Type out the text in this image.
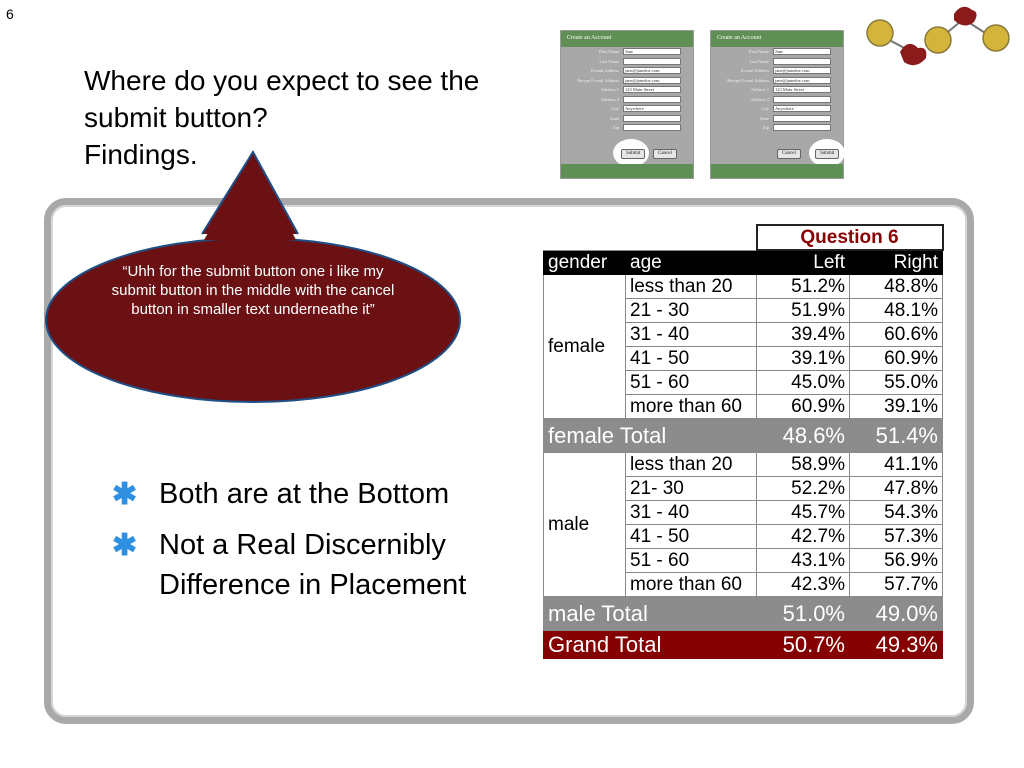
6
Where do you expect to see the
submit button?
Findings.
Create an Account
First Name	Jane
Last Name
E-mail Address	jane@janedoe.com
Retype E-mail Address	jane@janedoe.com
Address 1	123 Main Street
Address 2
City	Anywhere
State
Zip
Submit	Cancel
Create an Account
First Name	Jane
Last Name
E-mail Address	jane@janedoe.com
Retype E-mail Address	jane@janedoe.com
Address 1	123 Main Street
Address 2
City	Anywhere
State
Zip
Cancel	Submit
“Uhh for the submit button one i like my submit button in the middle with the cancel button in smaller text underneathe it”
✱ Both are at the Bottom
✱ Not a Real Discernibly Difference in Placement
		Question 6	
gender	age	Left	Right
female	less than 20	51.2%	48.8%
	21 - 30	51.9%	48.1%
	31 - 40	39.4%	60.6%
	41 - 50	39.1%	60.9%
	51 - 60	45.0%	55.0%
	more than 60	60.9%	39.1%
female Total		48.6%	51.4%
male	less than 20	58.9%	41.1%
	21- 30	52.2%	47.8%
	31 - 40	45.7%	54.3%
	41 - 50	42.7%	57.3%
	51 - 60	43.1%	56.9%
	more than 60	42.3%	57.7%
male Total		51.0%	49.0%
Grand Total		50.7%	49.3%
